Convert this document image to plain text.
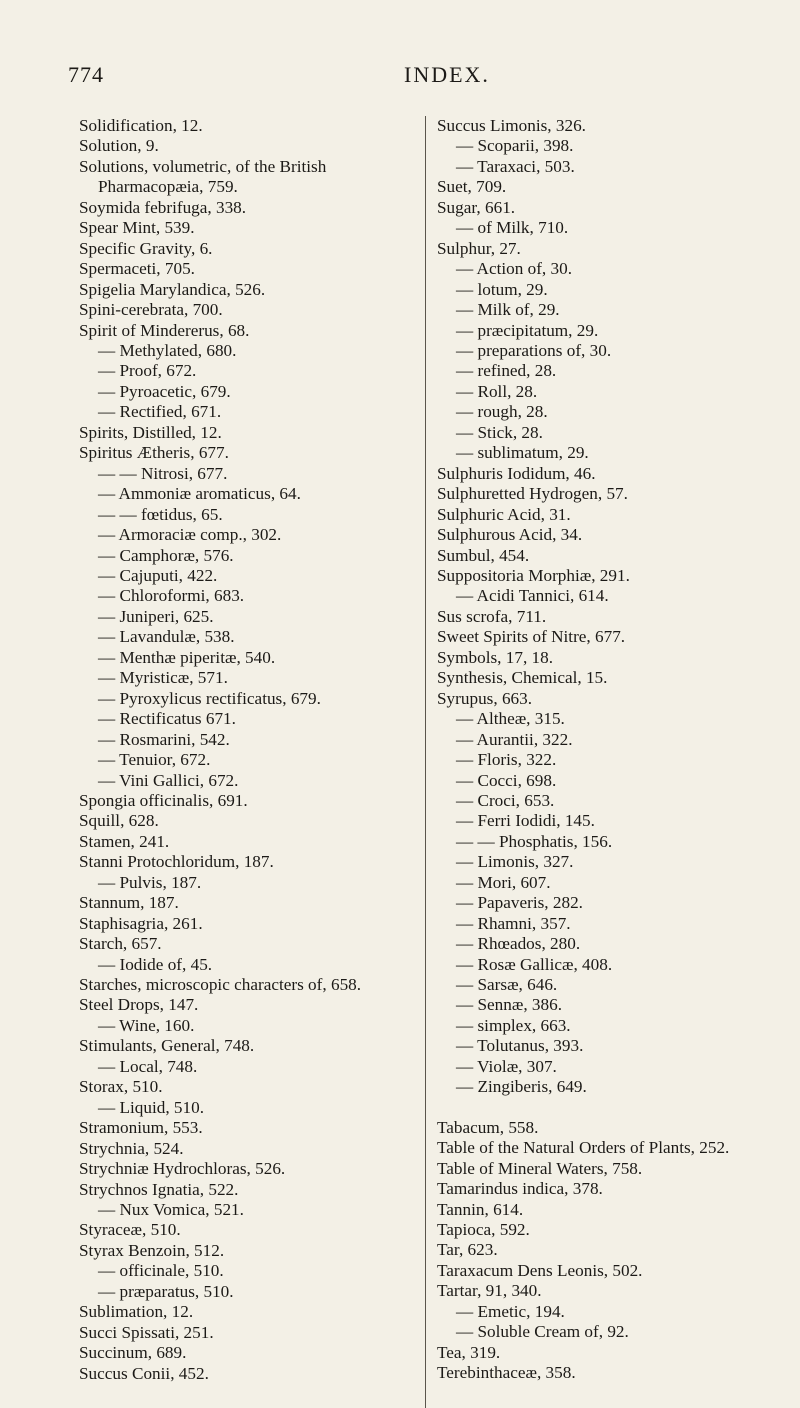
774	INDEX.
Solidification, 12.
Solution, 9.
Solutions, volumetric, of the British Pharmacopæia, 759.
Soymida febrifuga, 338.
Spear Mint, 539.
Specific Gravity, 6.
Spermaceti, 705.
Spigelia Marylandica, 526.
Spini-cerebrata, 700.
Spirit of Mindererus, 68.
— Methylated, 680.
— Proof, 672.
— Pyroacetic, 679.
— Rectified, 671.
Spirits, Distilled, 12.
Spiritus Ætheris, 677.
— — Nitrosi, 677.
— Ammoniæ aromaticus, 64.
— — fœtidus, 65.
— Armoraciæ comp., 302.
— Camphoræ, 576.
— Cajuputi, 422.
— Chloroformi, 683.
— Juniperi, 625.
— Lavandulæ, 538.
— Menthæ piperitæ, 540.
— Myristicæ, 571.
— Pyroxylicus rectificatus, 679.
— Rectificatus 671.
— Rosmarini, 542.
— Tenuior, 672.
— Vini Gallici, 672.
Spongia officinalis, 691.
Squill, 628.
Stamen, 241.
Stanni Protochloridum, 187.
— Pulvis, 187.
Stannum, 187.
Staphisagria, 261.
Starch, 657.
— Iodide of, 45.
Starches, microscopic characters of, 658.
Steel Drops, 147.
— Wine, 160.
Stimulants, General, 748.
— Local, 748.
Storax, 510.
— Liquid, 510.
Stramonium, 553.
Strychnia, 524.
Strychniæ Hydrochloras, 526.
Strychnos Ignatia, 522.
— Nux Vomica, 521.
Styraceæ, 510.
Styrax Benzoin, 512.
— officinale, 510.
— præparatus, 510.
Sublimation, 12.
Succi Spissati, 251.
Succinum, 689.
Succus Conii, 452.
Succus Limonis, 326.
— Scoparii, 398.
— Taraxaci, 503.
Suet, 709.
Sugar, 661.
— of Milk, 710.
Sulphur, 27.
— Action of, 30.
— lotum, 29.
— Milk of, 29.
— præcipitatum, 29.
— preparations of, 30.
— refined, 28.
— Roll, 28.
— rough, 28.
— Stick, 28.
— sublimatum, 29.
Sulphuris Iodidum, 46.
Sulphuretted Hydrogen, 57.
Sulphuric Acid, 31.
Sulphurous Acid, 34.
Sumbul, 454.
Suppositoria Morphiæ, 291.
— Acidi Tannici, 614.
Sus scrofa, 711.
Sweet Spirits of Nitre, 677.
Symbols, 17, 18.
Synthesis, Chemical, 15.
Syrupus, 663.
— Altheæ, 315.
— Aurantii, 322.
— Floris, 322.
— Cocci, 698.
— Croci, 653.
— Ferri Iodidi, 145.
— — Phosphatis, 156.
— Limonis, 327.
— Mori, 607.
— Papaveris, 282.
— Rhamni, 357.
— Rhœados, 280.
— Rosæ Gallicæ, 408.
— Sarsæ, 646.
— Sennæ, 386.
— simplex, 663.
— Tolutanus, 393.
— Violæ, 307.
— Zingiberis, 649.
Tabacum, 558.
Table of the Natural Orders of Plants, 252.
Table of Mineral Waters, 758.
Tamarindus indica, 378.
Tannin, 614.
Tapioca, 592.
Tar, 623.
Taraxacum Dens Leonis, 502.
Tartar, 91, 340.
— Emetic, 194.
— Soluble Cream of, 92.
Tea, 319.
Terebinthaceæ, 358.
